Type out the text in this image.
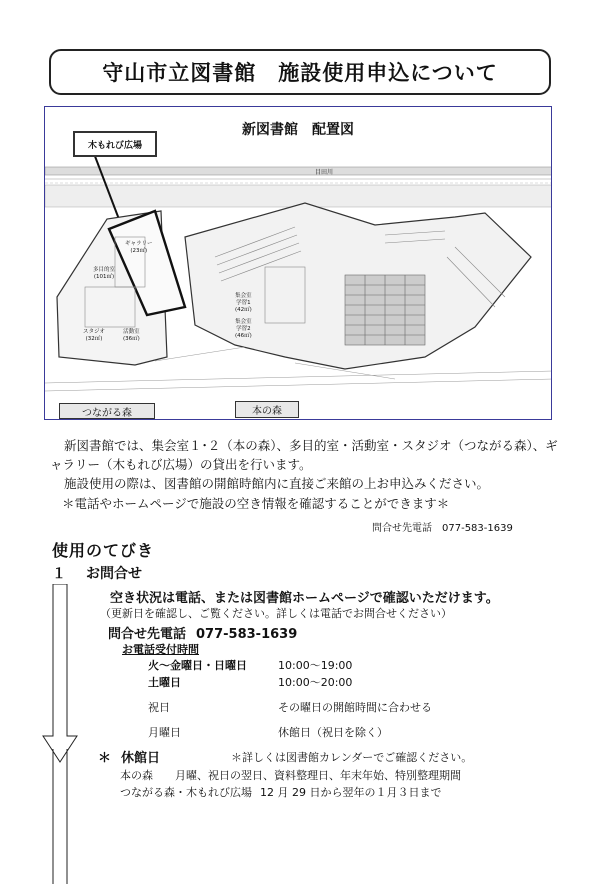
守山市立図書館　施設使用申込について
新図書館　配置図
目田川
木もれび広場
つながる森	本の森
ギャラリー
(23㎡)
多目的室
(101㎡)
スタジオ
(32㎡)
活動室
(36㎡)
集会室
学習1
(42㎡)
集会室
学習2
(46㎡)
新図書館では、集会室１･２（本の森）、多目的室・活動室・スタジオ（つながる森）、ギャラリー（木もれび広場）の貸出を行います。
施設使用の際は、図書館の開館時館内に直接ご来館の上お申込みください。
＊電話やホームページで施設の空き情報を確認することができます＊
問合せ先電話 077-583-1639
使用のてびき
１ お問合せ
空き状況は電話、または図書館ホームページで確認いただけます。
（更新日を確認し、ご覧ください。詳しくは電話でお問合せください）
問合せ先電話 077-583-1639
お電話受付時間
火～金曜日・日曜日	10:00～19:00
土曜日	10:00～20:00
祝日	その曜日の開館時間に合わせる
月曜日	休館日（祝日を除く）
＊ 休館日	＊詳しくは図書館カレンダーでご確認ください。
本の森 月曜、祝日の翌日、資料整理日、年末年始、特別整理期間
つながる森・木もれび広場 12 月 29 日から翌年の１月３日まで
